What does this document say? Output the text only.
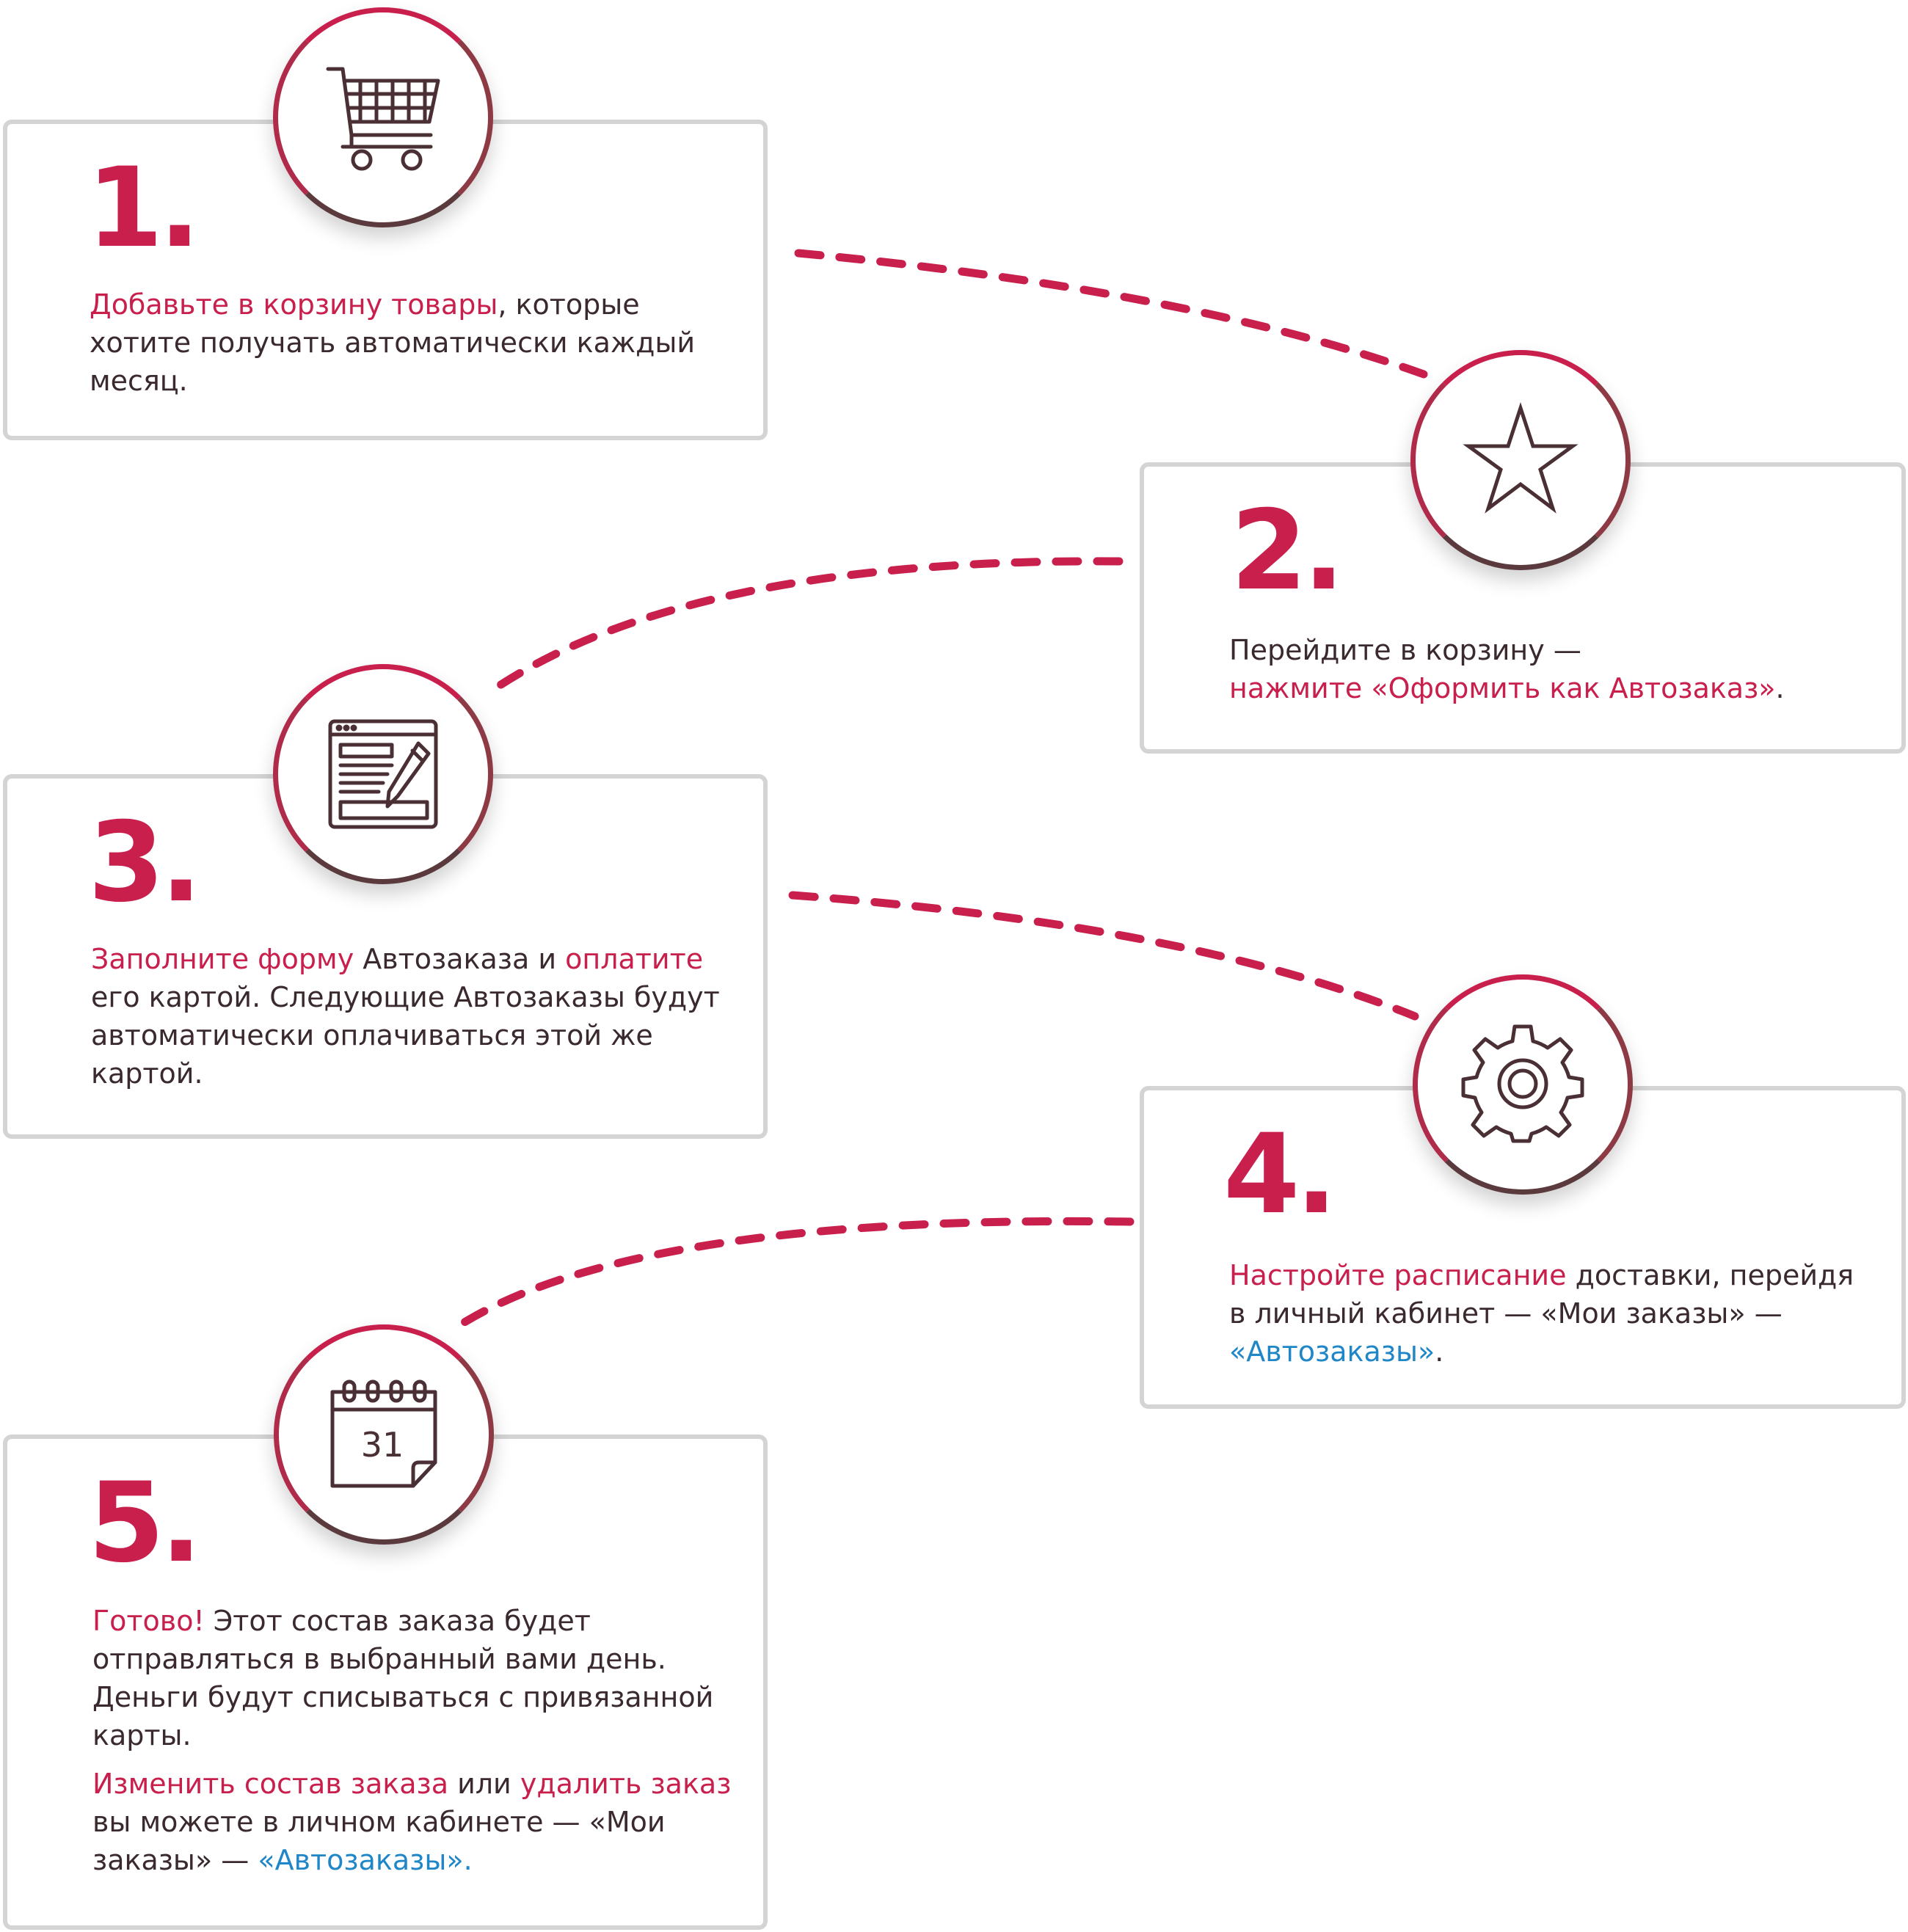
1.
Добавьте в корзину товары, которые хотите получать автоматически каждый месяц.
2.
Перейдите в корзину —
нажмите «Оформить как Автозаказ».
3.
Заполните форму Автозаказа и оплатите его картой. Следующие Автозаказы будут автоматически оплачиваться этой же картой.
4.
Настройте расписание доставки, перейдя в личный кабинет — «Мои заказы» — «Автозаказы».
5.

Готово! Этот состав заказа будет отправляться в выбранный вами день. Деньги будут списываться с привязанной карты.

Изменить состав заказа или удалить заказ вы можете в личном кабинете — «Мои заказы» — «Автозаказы».

31
